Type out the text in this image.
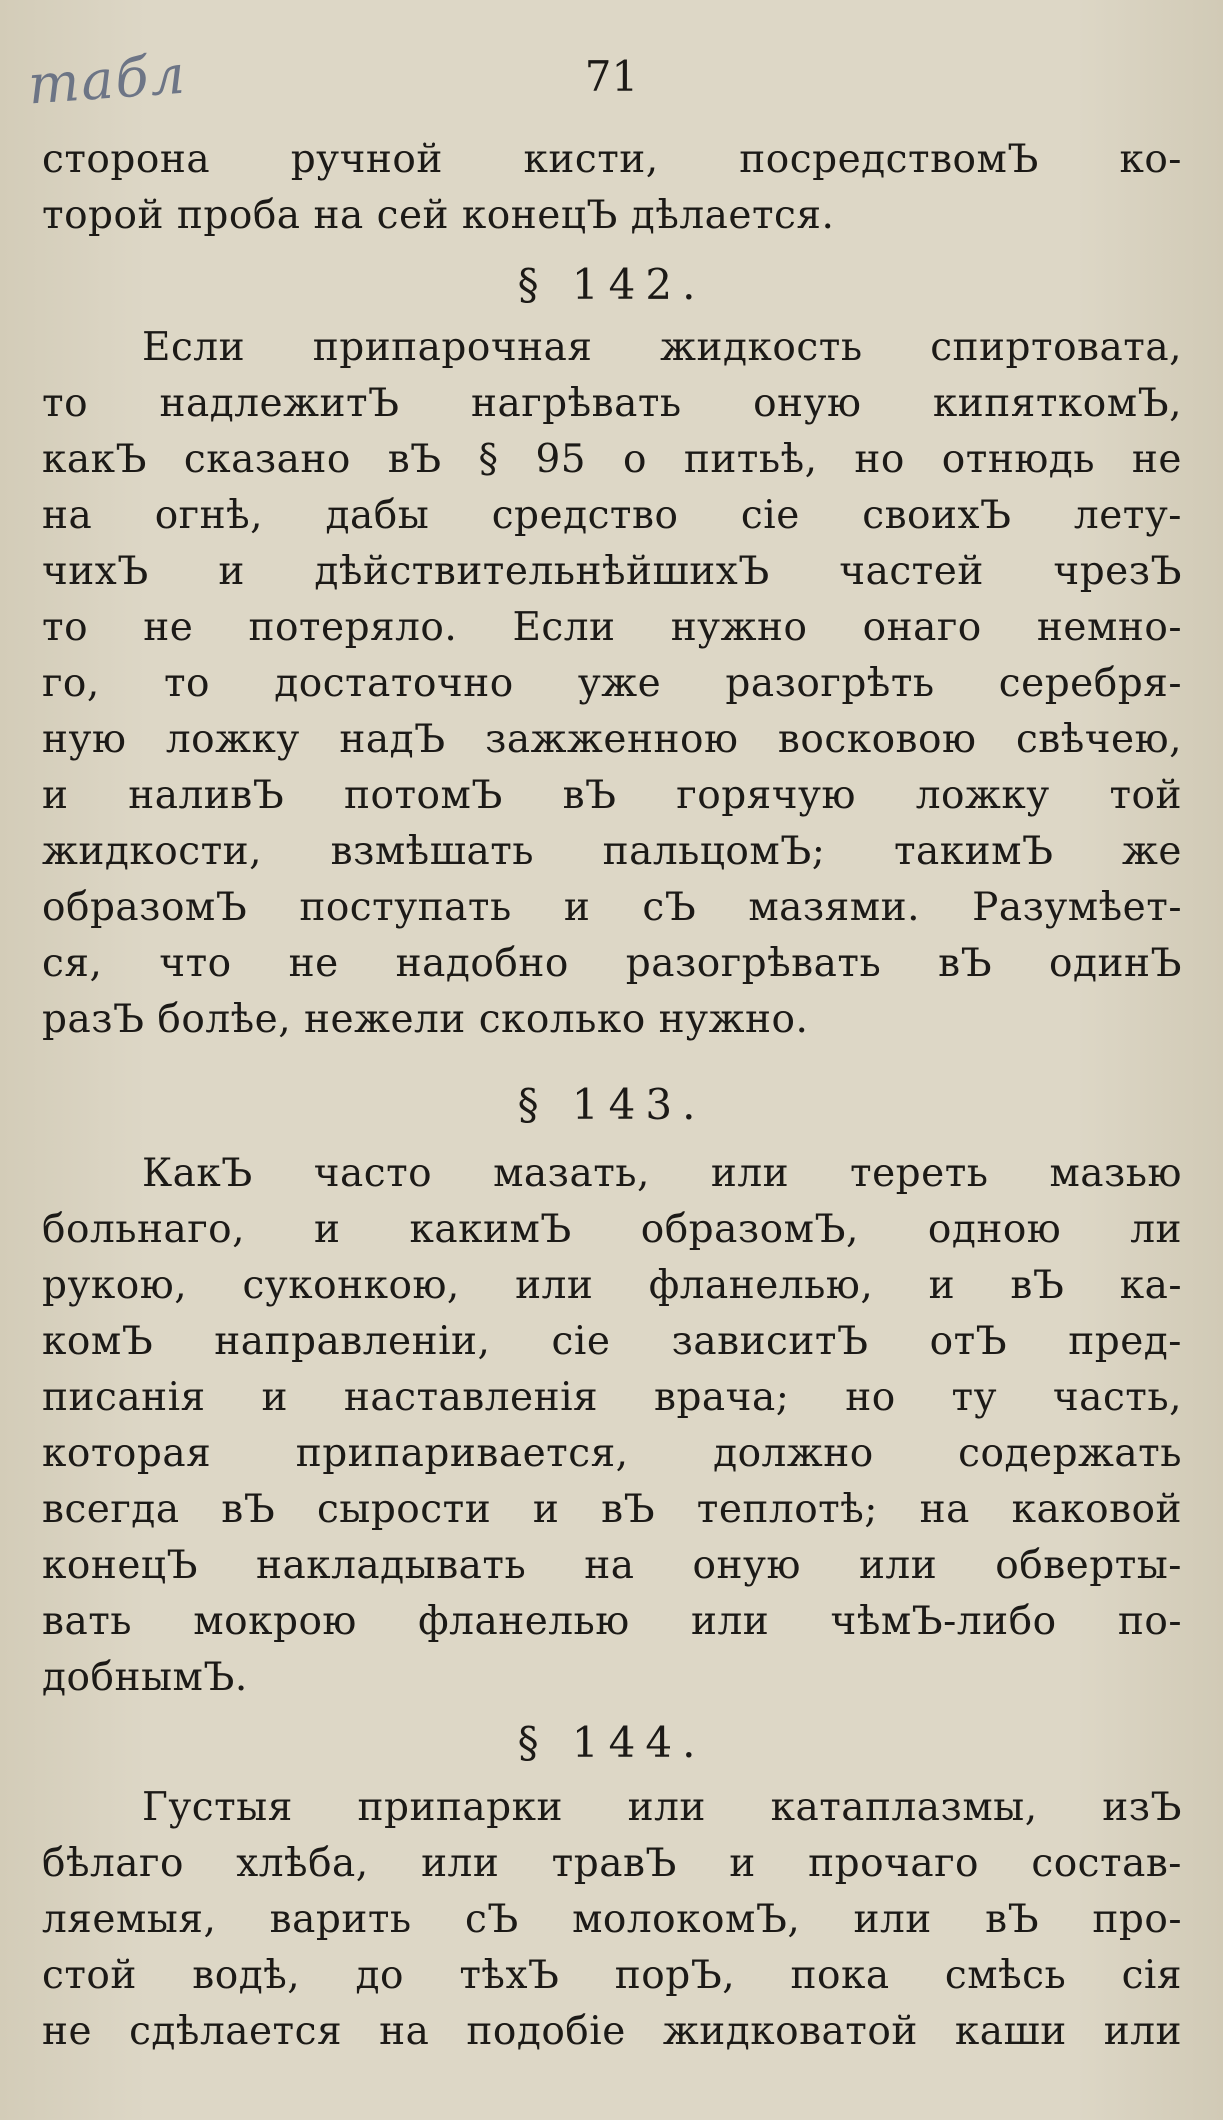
табл	71
сторона ручной кисти, посредствомЪ ко-
торой проба на сей конецЪ дѣлается.
§ 142.
Если припарочная жидкость спиртовата,
то надлежитЪ нагрѣвать оную кипяткомЪ,
какЪ сказано вЪ § 95 о питьѣ, но отнюдь не
на огнѣ, дабы средство сіе своихЪ лету-
чихЪ и дѣйствительнѣйшихЪ частей чрезЪ
то не потеряло. Если нужно онаго немно-
го, то достаточно уже разогрѣть серебря-
ную ложку надЪ зажженною восковою свѣчею,
и наливЪ потомЪ вЪ горячую ложку той
жидкости, взмѣшать пальцомЪ; такимЪ же
образомЪ поступать и сЪ мазями. Разумѣет-
ся, что не надобно разогрѣвать вЪ одинЪ
разЪ болѣе, нежели сколько нужно.
§ 143.
КакЪ часто мазать, или тереть мазью
больнаго, и какимЪ образомЪ, одною ли
рукою, суконкою, или фланелью, и вЪ ка-
комЪ направленіи, сіе зависитЪ отЪ пред-
писанія и наставленія врача; но ту часть,
которая припаривается, должно содержать
всегда вЪ сырости и вЪ теплотѣ; на каковой
конецЪ накладывать на оную или обверты-
вать мокрою фланелью или чѣмЪ-либо по-
добнымЪ.
§ 144.
Густыя припарки или катаплазмы, изЪ
бѣлаго хлѣба, или травЪ и прочаго состав-
ляемыя, варить сЪ молокомЪ, или вЪ про-
стой водѣ, до тѣхЪ порЪ, пока смѣсь сія
не сдѣлается на подобіе жидковатой каши или
